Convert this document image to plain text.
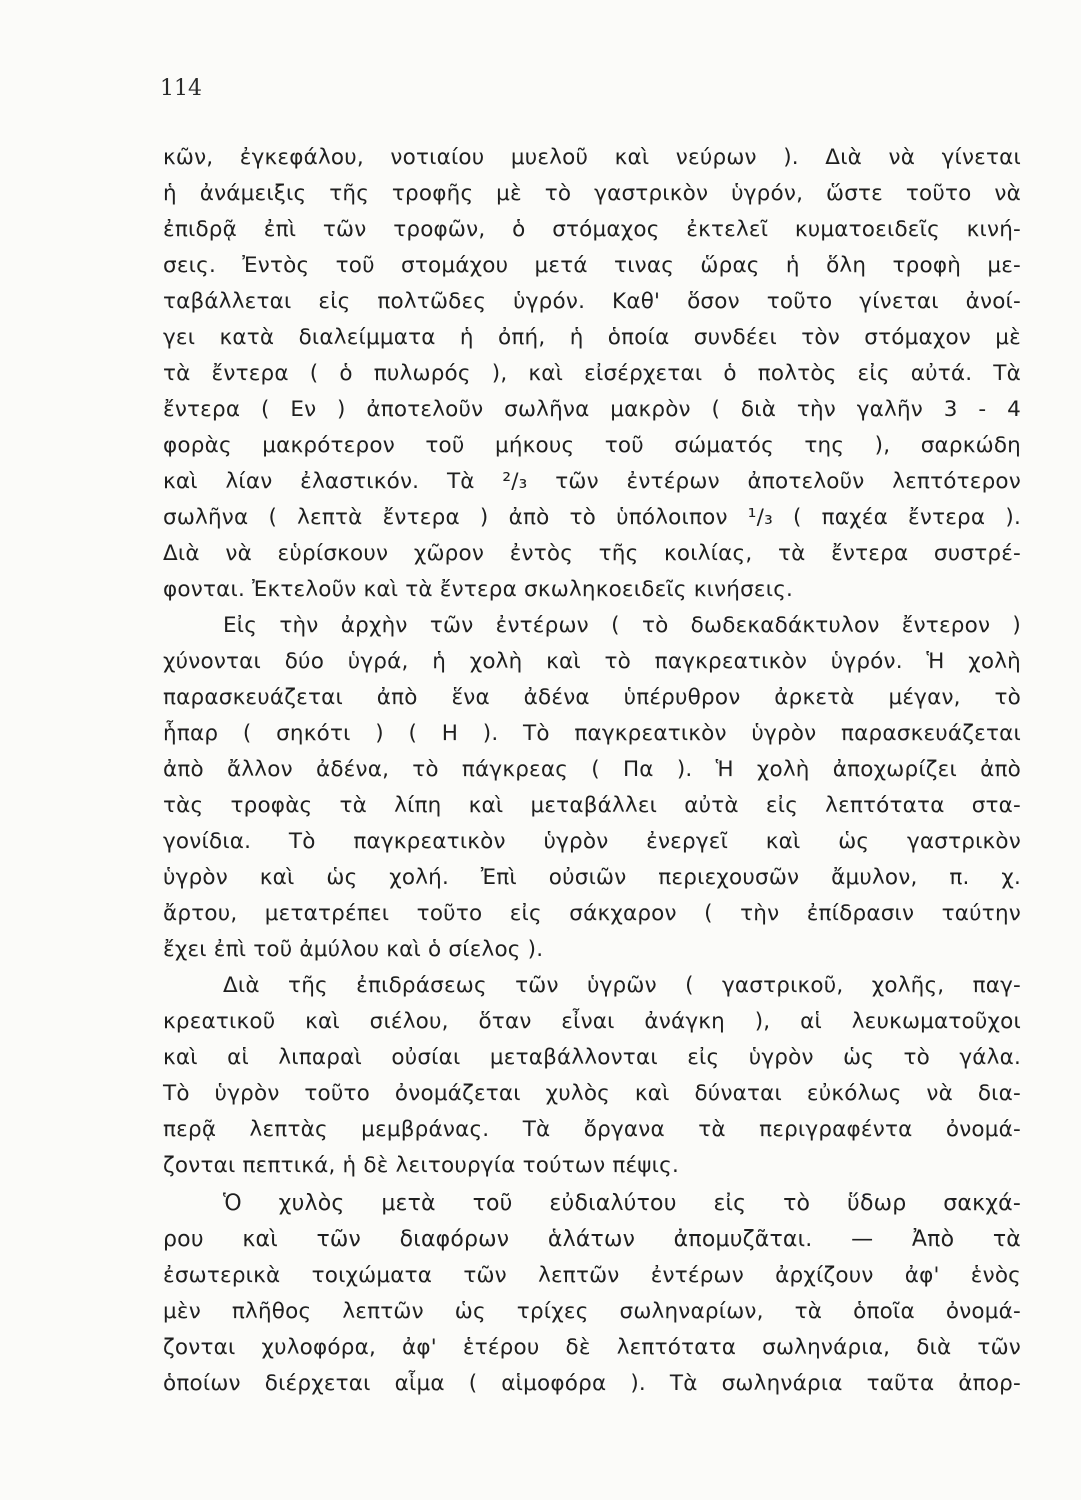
114
κῶν, ἐγκεφάλου, νοτιαίου μυελοῦ καὶ νεύρων ). Διὰ νὰ γίνεται
ἡ ἀνάμειξις τῆς τροφῆς μὲ τὸ γαστρικὸν ὑγρόν, ὥστε τοῦτο νὰ
ἐπιδρᾷ ἐπὶ τῶν τροφῶν, ὁ στόμαχος ἐκτελεῖ κυματοειδεῖς κινή-
σεις. Ἐντὸς τοῦ στομάχου μετά τινας ὥρας ἡ ὅλη τροφὴ με-
ταβάλλεται εἰς πολτῶδες ὑγρόν. Καθ' ὅσον τοῦτο γίνεται ἀνοί-
γει κατὰ διαλείμματα ἡ ὀπή, ἡ ὁποία συνδέει τὸν στόμαχον μὲ
τὰ ἔντερα ( ὁ πυλωρός ), καὶ εἰσέρχεται ὁ πολτὸς εἰς αὐτά. Τὰ
ἔντερα ( Εν ) ἀποτελοῦν σωλῆνα μακρὸν ( διὰ τὴν γαλῆν 3 - 4
φορὰς μακρότερον τοῦ μήκους τοῦ σώματός της ), σαρκώδη
καὶ λίαν ἐλαστικόν. Τὰ ²/₃ τῶν ἐντέρων ἀποτελοῦν λεπτότερον
σωλῆνα ( λεπτὰ ἔντερα ) ἀπὸ τὸ ὑπόλοιπον ¹/₃ ( παχέα ἔντερα ).
Διὰ νὰ εὑρίσκουν χῶρον ἐντὸς τῆς κοιλίας, τὰ ἔντερα συστρέ-
φονται. Ἐκτελοῦν καὶ τὰ ἔντερα σκωληκοειδεῖς κινήσεις.
Εἰς τὴν ἀρχὴν τῶν ἐντέρων ( τὸ δωδεκαδάκτυλον ἔντερον )
χύνονται δύο ὑγρά, ἡ χολὴ καὶ τὸ παγκρεατικὸν ὑγρόν. Ἡ χολὴ
παρασκευάζεται ἀπὸ ἕνα ἀδένα ὑπέρυθρον ἀρκετὰ μέγαν, τὸ
ἧπαρ ( σηκότι ) ( Η ). Τὸ παγκρεατικὸν ὑγρὸν παρασκευάζεται
ἀπὸ ἄλλον ἀδένα, τὸ πάγκρεας ( Πα ). Ἡ χολὴ ἀποχωρίζει ἀπὸ
τὰς τροφὰς τὰ λίπη καὶ μεταβάλλει αὐτὰ εἰς λεπτότατα στα-
γονίδια. Τὸ παγκρεατικὸν ὑγρὸν ἐνεργεῖ καὶ ὡς γαστρικὸν
ὑγρὸν καὶ ὡς χολή. Ἐπὶ οὐσιῶν περιεχουσῶν ἄμυλον, π. χ.
ἄρτου, μετατρέπει τοῦτο εἰς σάκχαρον ( τὴν ἐπίδρασιν ταύτην
ἔχει ἐπὶ τοῦ ἀμύλου καὶ ὁ σίελος ).
Διὰ τῆς ἐπιδράσεως τῶν ὑγρῶν ( γαστρικοῦ, χολῆς, παγ-
κρεατικοῦ καὶ σιέλου, ὅταν εἶναι ἀνάγκη ), αἱ λευκωματοῦχοι
καὶ αἱ λιπαραὶ οὐσίαι μεταβάλλονται εἰς ὑγρὸν ὡς τὸ γάλα.
Τὸ ὑγρὸν τοῦτο ὀνομάζεται χυλὸς καὶ δύναται εὐκόλως νὰ δια-
περᾷ λεπτὰς μεμβράνας. Τὰ ὄργανα τὰ περιγραφέντα ὀνομά-
ζονται πεπτικά, ἡ δὲ λειτουργία τούτων πέψις.
Ὁ χυλὸς μετὰ τοῦ εὐδιαλύτου εἰς τὸ ὕδωρ σακχά-
ρου καὶ τῶν διαφόρων ἁλάτων ἀπομυζᾶται. — Ἀπὸ τὰ
ἐσωτερικὰ τοιχώματα τῶν λεπτῶν ἐντέρων ἀρχίζουν ἀφ' ἑνὸς
μὲν πλῆθος λεπτῶν ὡς τρίχες σωληναρίων, τὰ ὁποῖα ὀνομά-
ζονται χυλοφόρα, ἀφ' ἑτέρου δὲ λεπτότατα σωληνάρια, διὰ τῶν
ὁποίων διέρχεται αἷμα ( αἱμοφόρα ). Τὰ σωληνάρια ταῦτα ἀπορ-
